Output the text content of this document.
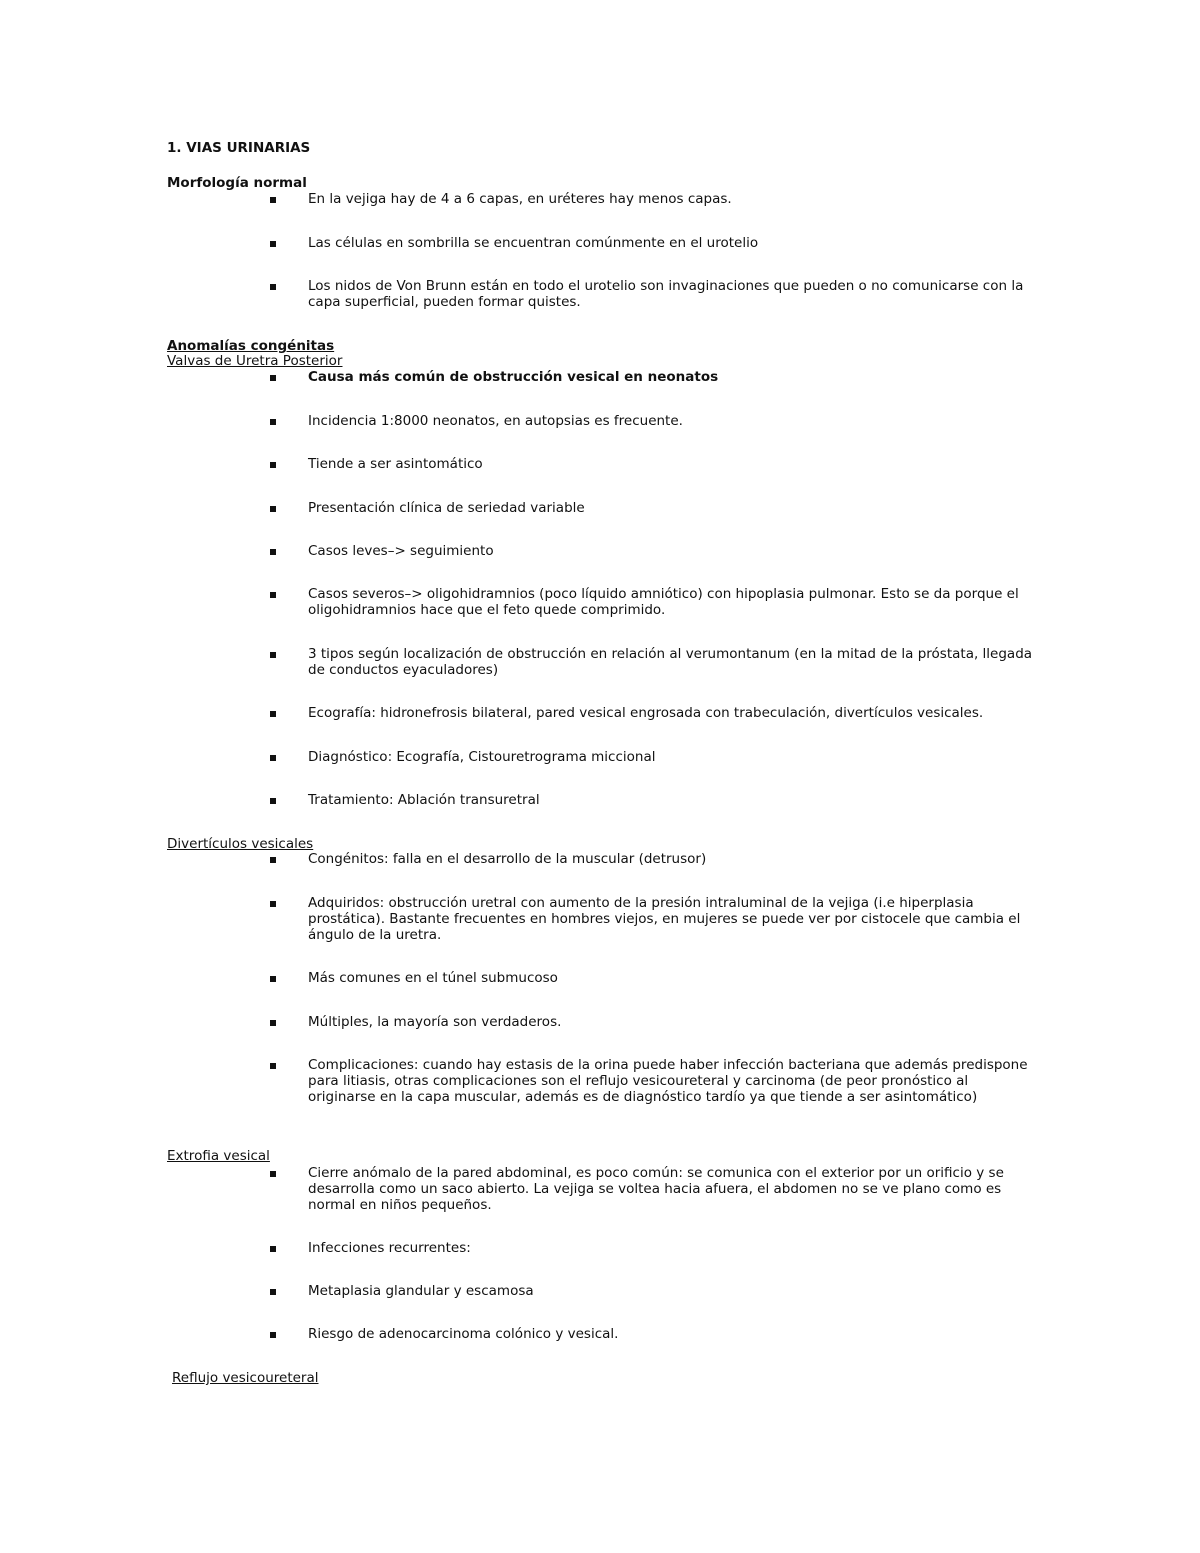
1. VIAS URINARIAS
Morfología normal
En la vejiga hay de 4 a 6 capas, en uréteres hay menos capas.
Las células en sombrilla se encuentran comúnmente en el urotelio
Los nidos de Von Brunn están en todo el urotelio son invaginaciones que pueden o no comunicarse con la capa superficial, pueden formar quistes.
Anomalías congénitas
Valvas de Uretra Posterior
Causa más común de obstrucción vesical en neonatos
Incidencia 1:8000 neonatos, en autopsias es frecuente.
Tiende a ser asintomático
Presentación clínica de seriedad variable
Casos leves–> seguimiento
Casos severos–> oligohidramnios (poco líquido amniótico) con hipoplasia pulmonar. Esto se da porque el oligohidramnios hace que el feto quede comprimido.
3 tipos según localización de obstrucción en relación al verumontanum (en la mitad de la próstata, llegada de conductos eyaculadores)
Ecografía: hidronefrosis bilateral, pared vesical engrosada con trabeculación, divertículos vesicales.
Diagnóstico: Ecografía, Cistouretrograma miccional
Tratamiento: Ablación transuretral
Divertículos vesicales
Congénitos: falla en el desarrollo de la muscular (detrusor)
Adquiridos: obstrucción uretral con aumento de la presión intraluminal de la vejiga (i.e hiperplasia prostática). Bastante frecuentes en hombres viejos, en mujeres se puede ver por cistocele que cambia el ángulo de la uretra.
Más comunes en el túnel submucoso
Múltiples, la mayoría son verdaderos.
Complicaciones: cuando hay estasis de la orina puede haber infección bacteriana que además predispone para litiasis, otras complicaciones son el reflujo vesicoureteral y carcinoma (de peor pronóstico al originarse en la capa muscular, además es de diagnóstico tardío ya que tiende a ser asintomático)
Extrofia vesical
Cierre anómalo de la pared abdominal, es poco común: se comunica con el exterior por un orificio y se desarrolla como un saco abierto. La vejiga se voltea hacia afuera, el abdomen no se ve plano como es normal en niños pequeños.
Infecciones recurrentes:
Metaplasia glandular y escamosa
Riesgo de adenocarcinoma colónico y vesical.
Reflujo vesicoureteral
